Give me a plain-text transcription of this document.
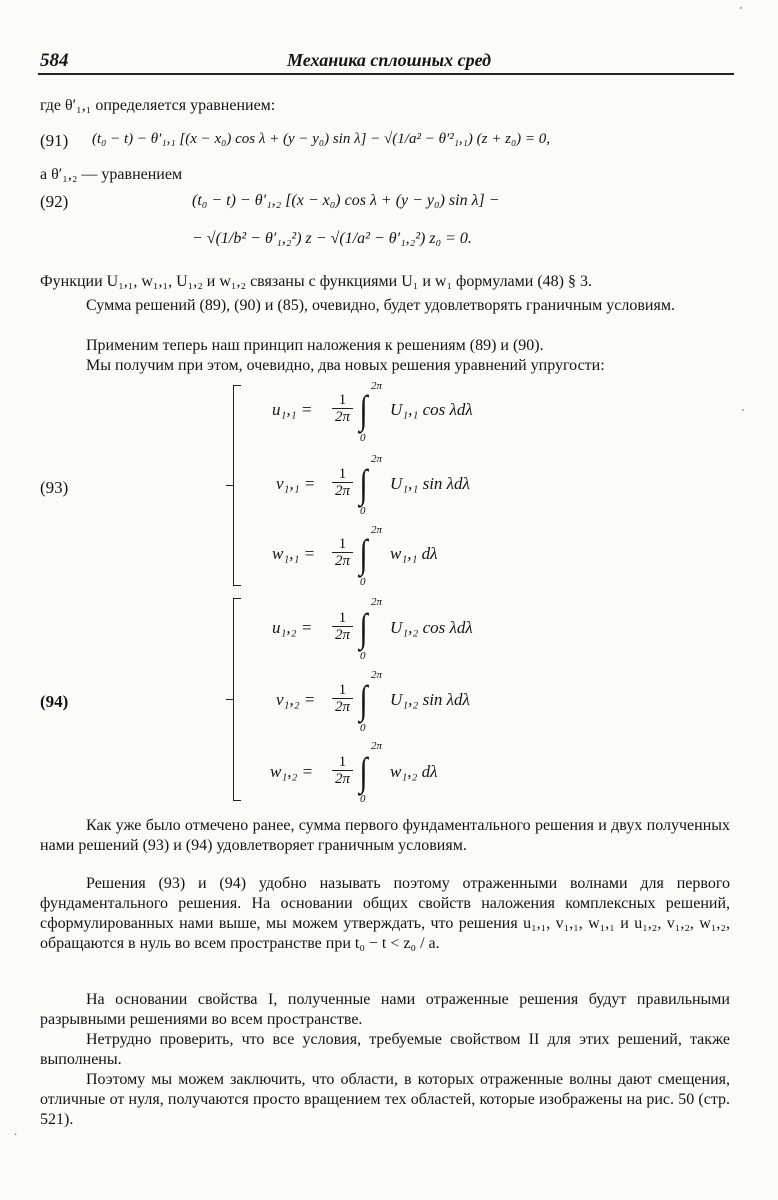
584	Механика сплошных сред
где θ′₁,₁ определяется уравнением:
(91) (t₀ − t) − θ′₁,₁ [(x − x₀) cos λ + (y − y₀) sin λ] − √(1/a² − θ′²₁,₁) (z + z₀) = 0,
а θ′₁,₂ — уравнением
(92)	(t₀ − t) − θ′₁,₂ [(x − x₀) cos λ + (y − y₀) sin λ] −
− √(1/b² − θ′₁,₂²) z − √(1/a² − θ′₁,₂²) z₀ = 0.
Функции U₁,₁, w₁,₁, U₁,₂ и w₁,₂ связаны с функциями U₁ и w₁ формулами (48) § 3.
Сумма решений (89), (90) и (85), очевидно, будет удовлетворять граничным условиям.
Применим теперь наш принцип наложения к решениям (89) и (90).
Мы получим при этом, очевидно, два новых решения уравнений упругости:
(93)
$u_1,_1 = \frac{1}{2\pi}$
2π
∫
0
U₁,₁ cos λdλ
$v_1,_1 = \frac{1}{2\pi}$
2π
∫
0
U₁,₁ sin λdλ
$w_1,_1 = \frac{1}{2\pi}$
2π
∫
0
w₁,₁ dλ
(94)
$u_1,_2 = \frac{1}{2\pi}$
2π
∫
0
U₁,₂ cos λdλ
$v_1,_2 = \frac{1}{2\pi}$
2π
∫
0
U₁,₂ sin λdλ
$w_1,_2 = \frac{1}{2\pi}$
2π
∫
0
w₁,₂ dλ
Как уже было отмечено ранее, сумма первого фундаментального решения и двух полученных нами решений (93) и (94) удовлетворяет граничным условиям.
Решения (93) и (94) удобно называть поэтому отраженными волнами для первого фундаментального решения. На основании общих свойств наложения комплексных решений, сформулированных нами выше, мы можем утверждать, что решения u₁,₁, v₁,₁, w₁,₁ и u₁,₂, v₁,₂, w₁,₂, обращаются в нуль во всем пространстве при t₀ − t < z₀ / a.
На основании свойства I, полученные нами отраженные решения будут правильными разрывными решениями во всем пространстве.
Нетрудно проверить, что все условия, требуемые свойством II для этих решений, также выполнены.
Поэтому мы можем заключить, что области, в которых отраженные волны дают смещения, отличные от нуля, получаются просто вращением тех областей, которые изображены на рис. 50 (стр. 521).
′
′
·
